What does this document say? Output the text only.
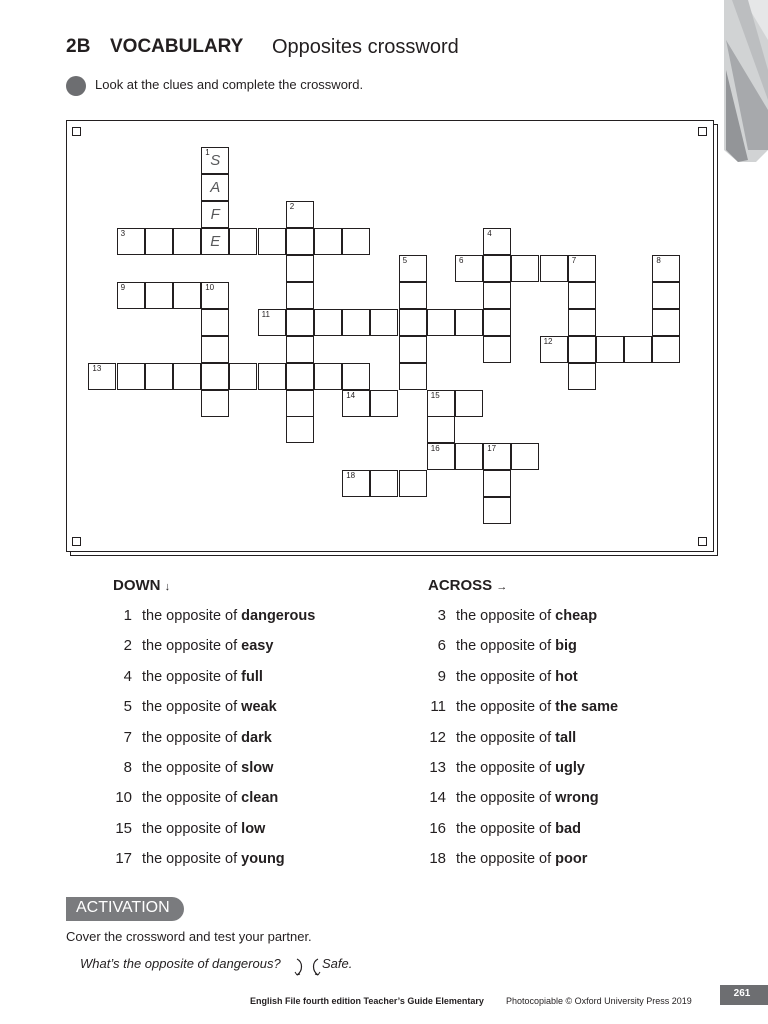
2B VOCABULARY Opposites crossword
Look at the clues and complete the crossword.
1 S
A
F
E
3
2
4
5	6	7	8
9	10
11
12
13
14	15
16	17
18
DOWN ↓
1 the opposite of dangerous
2 the opposite of easy
4 the opposite of full
5 the opposite of weak
7 the opposite of dark
8 the opposite of slow
10 the opposite of clean
15 the opposite of low
17 the opposite of young
ACROSS →
3 the opposite of cheap
6 the opposite of big
9 the opposite of hot
11 the opposite of the same
12 the opposite of tall
13 the opposite of ugly
14 the opposite of wrong
16 the opposite of bad
18 the opposite of poor
ACTIVATION
Cover the crossword and test your partner.
What’s the opposite of dangerous?	Safe.
English File fourth edition Teacher’s Guide Elementary Photocopiable © Oxford University Press 2019
261
